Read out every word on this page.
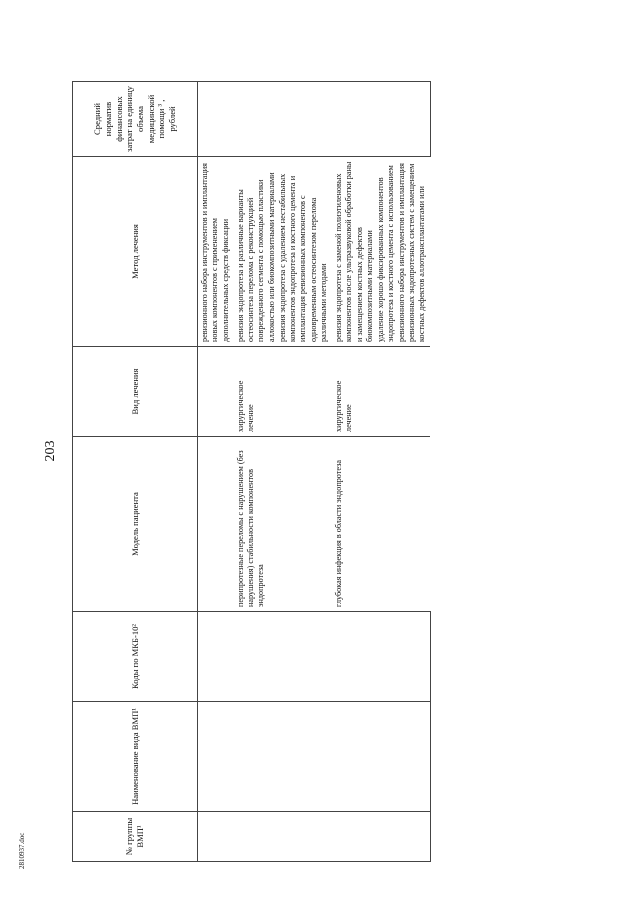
203
2810937.doc	№ группы ВМП¹	Наименование вида ВМП¹	Коды по МКБ-10²	Модель пациента	Вид лечения	Метод лечения	Средний норматив финансовых затрат на единицу объема медицинской помощи ³ , рублей

					ревизионного набора инструментов и имплантация новых компонентов с применением дополнительных средств фиксации	

			перипротезные переломы с нарушением (без нарушения) стабильности компонентов эндопротеза	хирургическое лечение	ревизия эндопротеза и различные варианты остеосинтеза перелома с реконструкцией поврежденного сегмента с помощью пластики аллокостью или биокомпозитными материалами ревизия эндопротеза с удалением нестабильных компонентов эндопротеза и костного цемента и имплантация ревизионных компонентов с одновременным остеосинтезом перелома различными методами	

			глубокая инфекция в области эндопротеза	хирургическое лечение	ревизия эндопротеза с заменой полиэтиленовых компонентов после ультразвуковой обработки раны и замещением костных дефектов биокомпозитными материалами удаление хорошо фиксированных компонентов эндопротеза и костного цемента с использованием ревизионного набора инструментов и имплантация ревизионных эндопротезных систем с замещением костных дефектов аллотрансплантатами или	
